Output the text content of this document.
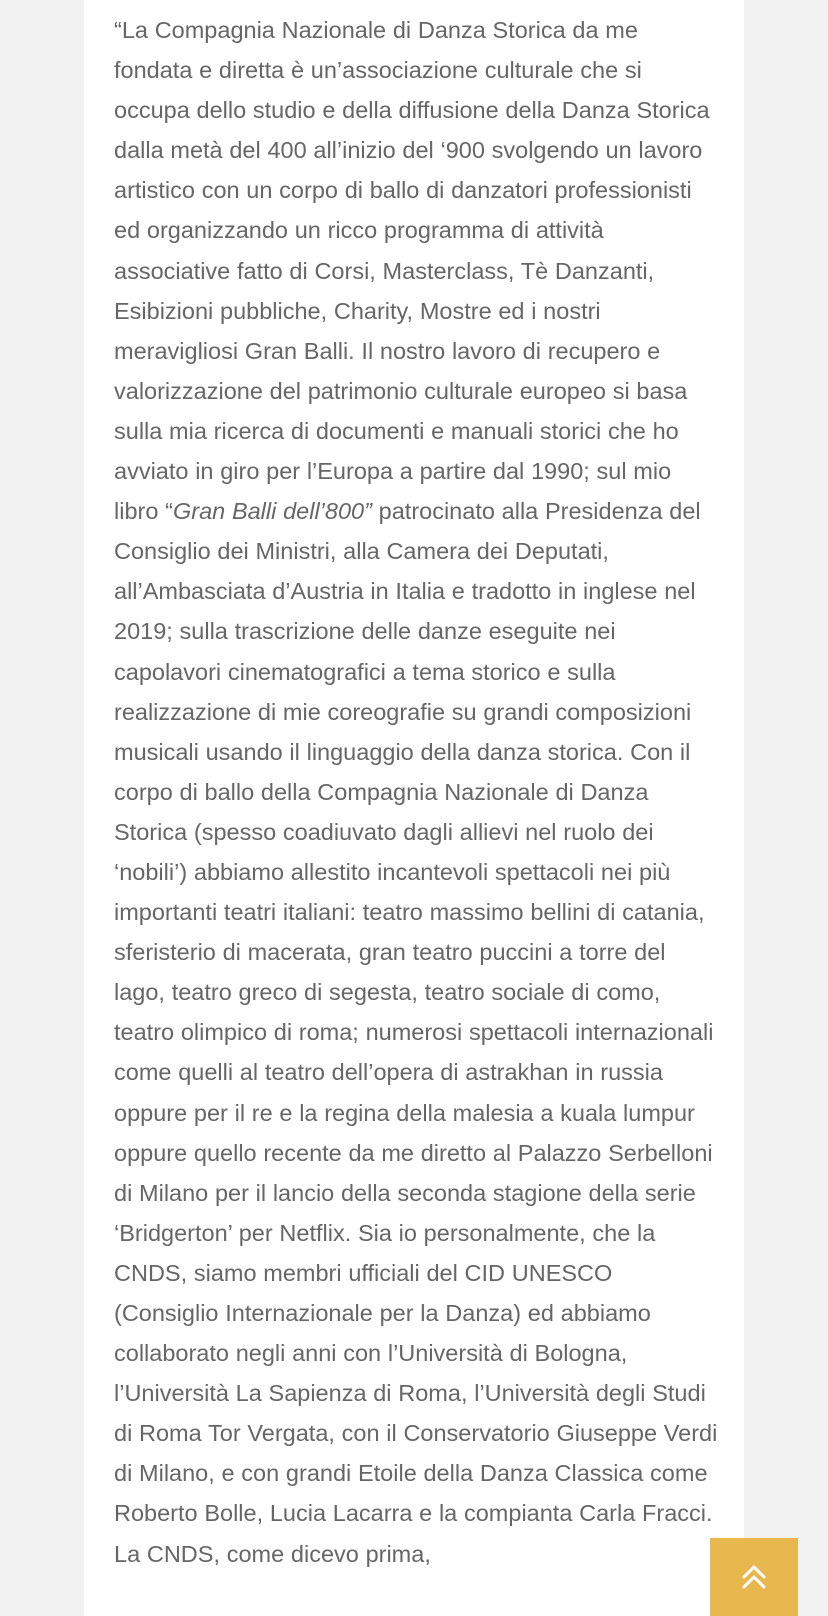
“La Compagnia Nazionale di Danza Storica da me fondata e diretta è un’associazione culturale che si occupa dello studio e della diffusione della Danza Storica dalla metà del 400 all’inizio del ‘900 svolgendo un lavoro artistico con un corpo di ballo di danzatori professionisti ed organizzando un ricco programma di attività associative fatto di Corsi, Masterclass, Tè Danzanti, Esibizioni pubbliche, Charity, Mostre ed i nostri meravigliosi Gran Balli. Il nostro lavoro di recupero e valorizzazione del patrimonio culturale europeo si basa sulla mia ricerca di documenti e manuali storici che ho avviato in giro per l’Europa a partire dal 1990; sul mio libro “Gran Balli dell’800” patrocinato alla Presidenza del Consiglio dei Ministri, alla Camera dei Deputati, all’Ambasciata d’Austria in Italia e tradotto in inglese nel 2019; sulla trascrizione delle danze eseguite nei capolavori cinematografici a tema storico e sulla realizzazione di mie coreografie su grandi composizioni musicali usando il linguaggio della danza storica. Con il corpo di ballo della Compagnia Nazionale di Danza Storica (spesso coadiuvato dagli allievi nel ruolo dei ‘nobili’) abbiamo allestito incantevoli spettacoli nei più importanti teatri italiani: teatro massimo bellini di catania, sferisterio di macerata, gran teatro puccini a torre del lago, teatro greco di segesta, teatro sociale di como, teatro olimpico di roma; numerosi spettacoli internazionali come quelli al teatro dell’opera di astrakhan in russia oppure per il re e la regina della malesia a kuala lumpur oppure quello recente da me diretto al Palazzo Serbelloni di Milano per il lancio della seconda stagione della serie ‘Bridgerton’ per Netflix. Sia io personalmente, che la CNDS, siamo membri ufficiali del CID UNESCO (Consiglio Internazionale per la Danza) ed abbiamo collaborato negli anni con l’Università di Bologna, l’Università La Sapienza di Roma, l’Università degli Studi di Roma Tor Vergata, con il Conservatorio Giuseppe Verdi di Milano, e con grandi Etoile della Danza Classica come Roberto Bolle, Lucia Lacarra e la compianta Carla Fracci. La CNDS, come dicevo prima,
